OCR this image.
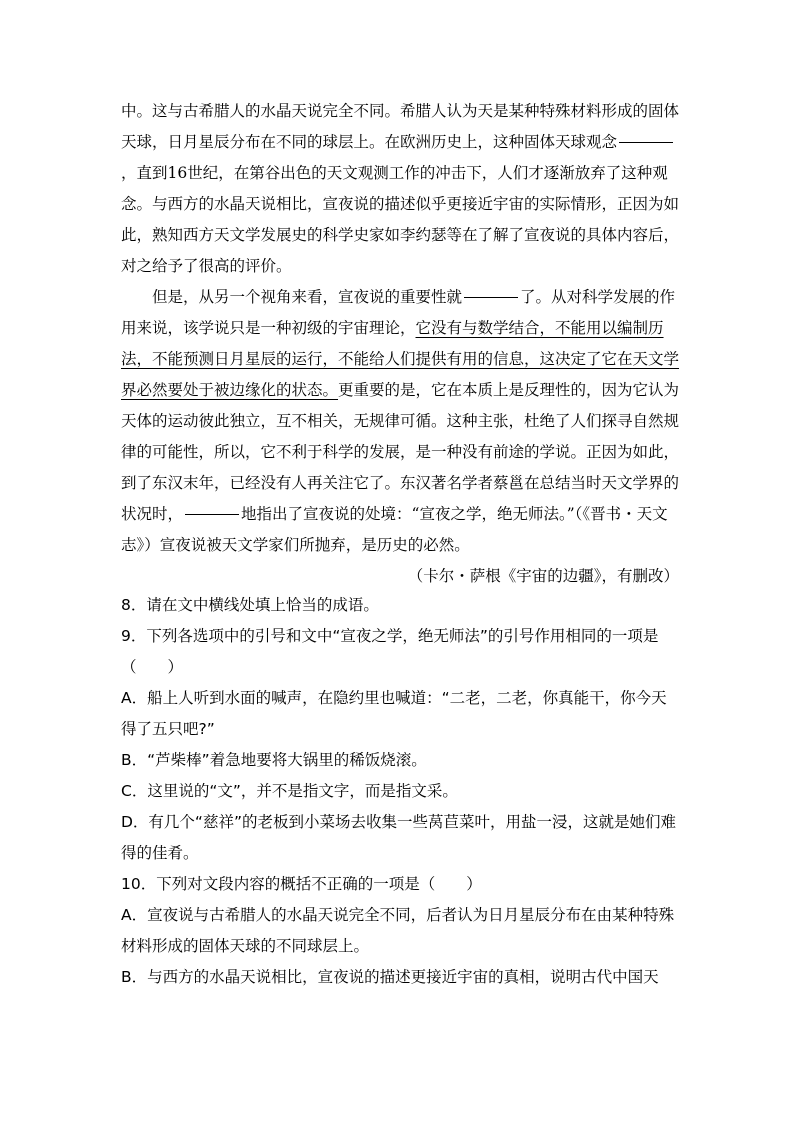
中。这与古希腊人的水晶天说完全不同。希腊人认为天是某种特殊材料形成的固体天球，日月星辰分布在不同的球层上。在欧洲历史上，这种固体天球观念，直到16世纪，在第谷出色的天文观测工作的冲击下，人们才逐渐放弃了这种观念。与西方的水晶天说相比，宣夜说的描述似乎更接近宇宙的实际情形，正因为如此，熟知西方天文学发展史的科学史家如李约瑟等在了解了宣夜说的具体内容后，对之给予了很高的评价。

但是，从另一个视角来看，宣夜说的重要性就	了。从对科学发展的作用来说，该学说只是一种初级的宇宙理论，它没有与数学结合，不能用以编制历法，不能预测日月星辰的运行，不能给人们提供有用的信息，这决定了它在天文学界必然要处于被边缘化的状态。更重要的是，它在本质上是反理性的，因为它认为天体的运动彼此独立，互不相关，无规律可循。这种主张，杜绝了人们探寻自然规律的可能性，所以，它不利于科学的发展，是一种没有前途的学说。正因为如此，到了东汉末年，已经没有人再关注它了。东汉著名学者蔡邕在总结当时天文学界的状况时，	地指出了宣夜说的处境：“宣夜之学，绝无师法。”（《晋书・天文志》）宣夜说被天文学家们所抛弃，是历史的必然。

（卡尔・萨根《宇宙的边疆》，有删改）

8．请在文中横线处填上恰当的成语。

9．下列各选项中的引号和文中“宣夜之学，绝无师法”的引号作用相同的一项是（　　）

A．船上人听到水面的喊声，在隐约里也喊道：“二老，二老，你真能干，你今天得了五只吧?”

B．“芦柴棒”着急地要将大锅里的稀饭烧滚。

C．这里说的“文”，并不是指文字，而是指文采。

D．有几个“慈祥”的老板到小菜场去收集一些莴苣菜叶，用盐一浸，这就是她们难得的佳肴。

10．下列对文段内容的概括不正确的一项是（　　）

A．宣夜说与古希腊人的水晶天说完全不同，后者认为日月星辰分布在由某种特殊材料形成的固体天球的不同球层上。

B．与西方的水晶天说相比，宣夜说的描述更接近宇宙的真相，说明古代中国天
